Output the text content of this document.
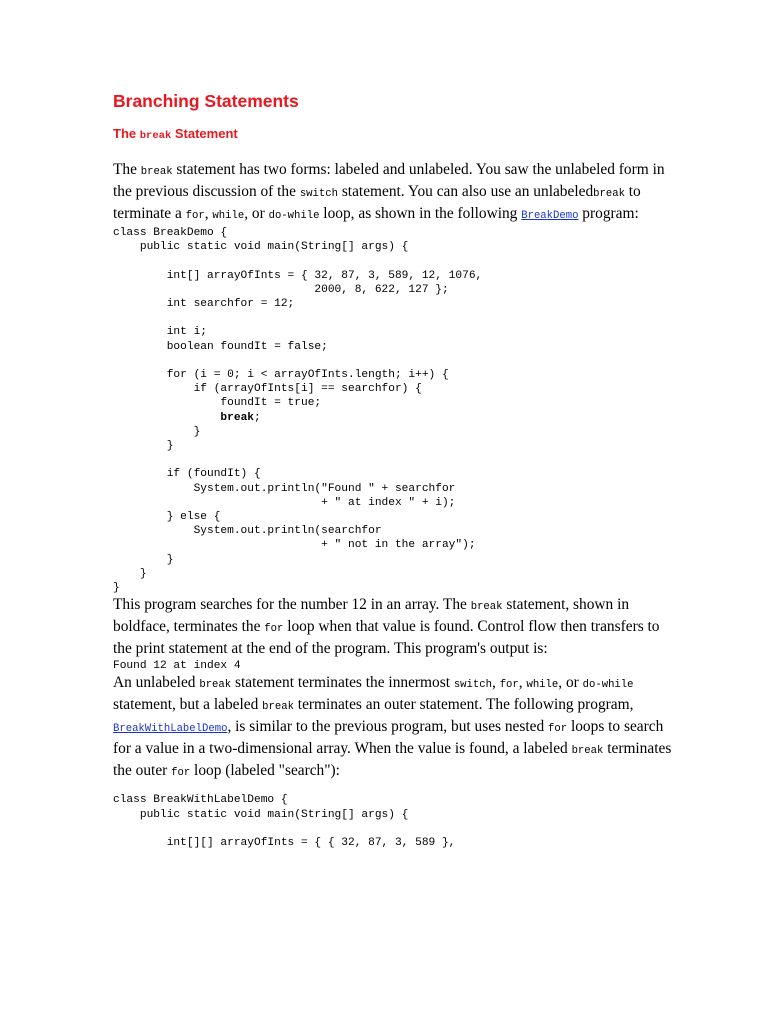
Branching Statements
The break Statement

The break statement has two forms: labeled and unlabeled. You saw the unlabeled form in the previous discussion of the switch statement. You can also use an unlabeledbreak to terminate a for, while, or do-while loop, as shown in the following BreakDemo program:

class BreakDemo {
public static void main(String[] args) {

int[] arrayOfInts = { 32, 87, 3, 589, 12, 1076,
2000, 8, 622, 127 };
int searchfor = 12;

int i;
boolean foundIt = false;

for (i = 0; i < arrayOfInts.length; i++) {
if (arrayOfInts[i] == searchfor) {
foundIt = true;
break;
}
}

if (foundIt) {
System.out.println("Found " + searchfor
+ " at index " + i);
} else {
System.out.println(searchfor
+ " not in the array");
}
}
}

This program searches for the number 12 in an array. The break statement, shown in boldface, terminates the for loop when that value is found. Control flow then transfers to the print statement at the end of the program. This program's output is:

Found 12 at index 4

An unlabeled break statement terminates the innermost switch, for, while, or do-while statement, but a labeled break terminates an outer statement. The following program, BreakWithLabelDemo, is similar to the previous program, but uses nested for loops to search for a value in a two-dimensional array. When the value is found, a labeled break terminates the outer for loop (labeled "search"):

class BreakWithLabelDemo {
public static void main(String[] args) {

int[][] arrayOfInts = { { 32, 87, 3, 589 },
